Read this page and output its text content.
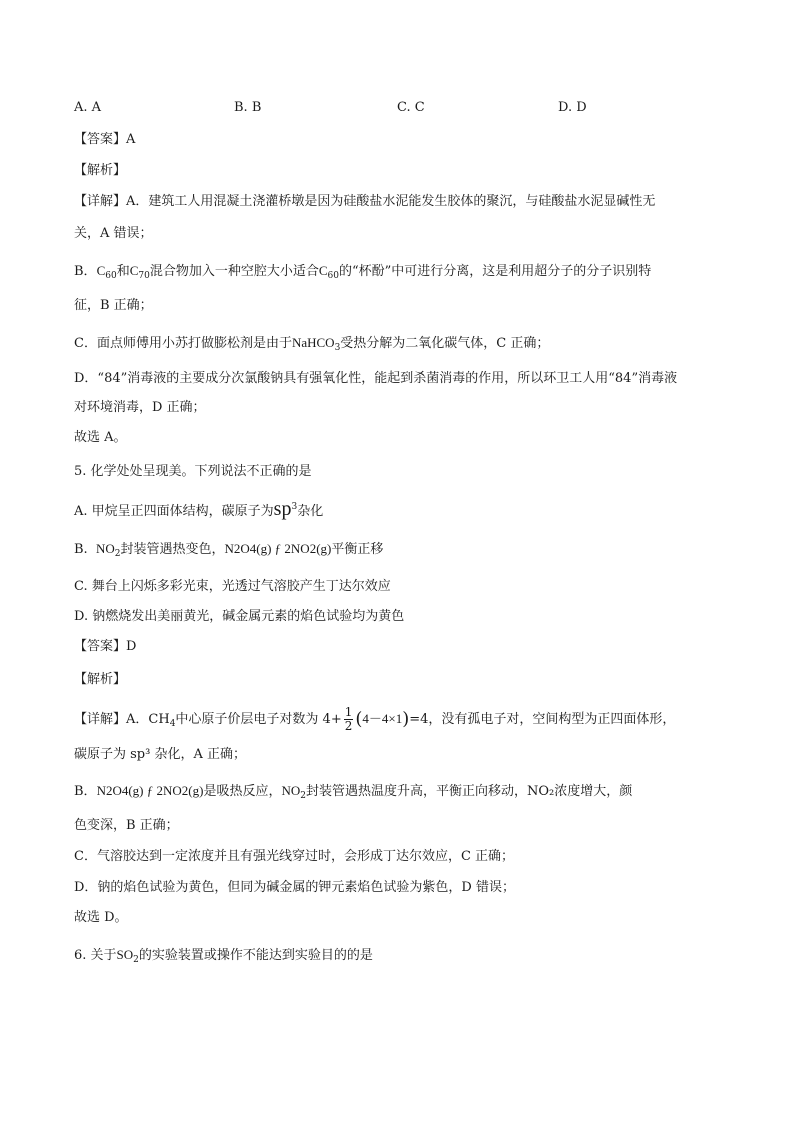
A. A	B. B	C. C	D. D
【答案】A
【解析】
【详解】A．建筑工人用混凝土浇灌桥墩是因为硅酸盐水泥能发生胶体的聚沉，与硅酸盐水泥显碱性无
关，A 错误；
B．$C_{60}$和$C_{70}$混合物加入一种空腔大小适合$C_{60}$的“杯酚”中可进行分离，这是利用超分子的分子识别特
征，B 正确；
C．面点师傅用小苏打做膨松剂是由于NaHCO$_3$受热分解为二氧化碳气体，C 正确；
D．“84”消毒液的主要成分次氯酸钠具有强氧化性，能起到杀菌消毒的作用，所以环卫工人用“84”消毒液
对环境消毒，D 正确；
故选 A。
5. 化学处处呈现美。下列说法不正确的是
A. 甲烷呈正四面体结构，碳原子为$sp^3$杂化
B. $NO_2$封装管遇热变色，N2O4(g) ƒ 2NO2(g)平衡正移
C. 舞台上闪烁多彩光束，光透过气溶胶产生丁达尔效应
D. 钠燃烧发出美丽黄光，碱金属元素的焰色试验均为黄色
【答案】D
【解析】
【详解】A．$CH_4$中心原子价层电子对数为 $4+ \frac{1}{2} (4-4\times 1)=4$，没有孤电子对，空间构型为正四面体形，
碳原子为 sp³ 杂化，A 正确；
B．N2O4(g) ƒ 2NO2(g)是吸热反应，$NO_2$封装管遇热温度升高，平衡正向移动，NO₂浓度增大，颜
色变深，B 正确；
C．气溶胶达到一定浓度并且有强光线穿过时，会形成丁达尔效应，C 正确；
D．钠的焰色试验为黄色，但同为碱金属的钾元素焰色试验为紫色，D 错误；
故选 D。
6. 关于$SO_2$的实验装置或操作不能达到实验目的的是
